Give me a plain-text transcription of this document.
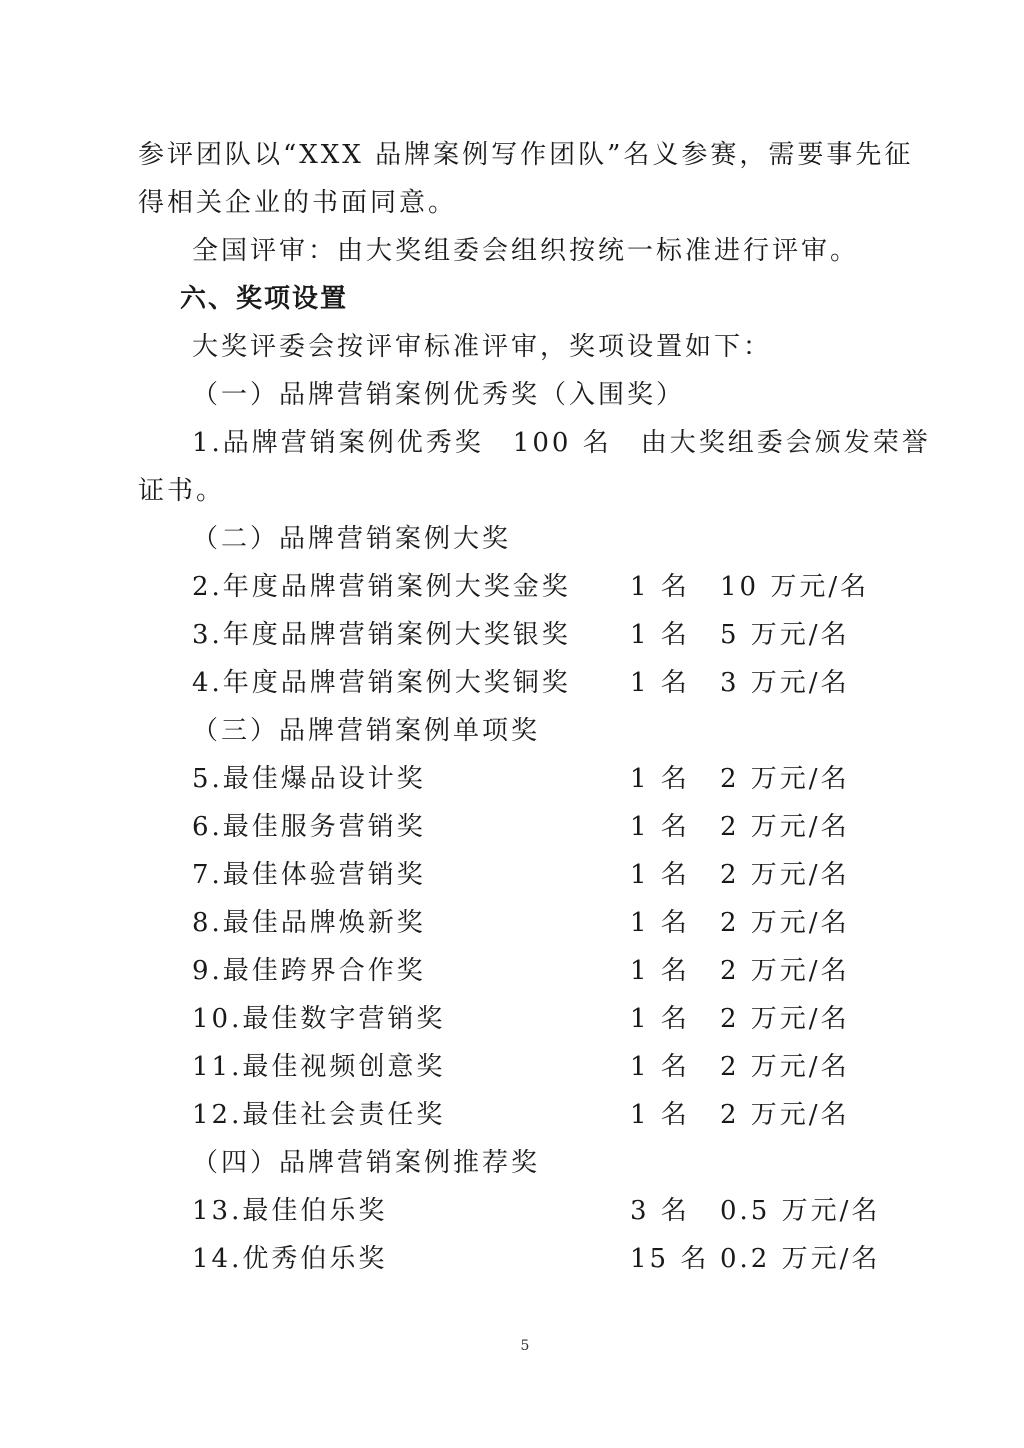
参评团队以“XXX 品牌案例写作团队”名义参赛，需要事先征
得相关企业的书面同意。
全国评审：由大奖组委会组织按统一标准进行评审。
六、奖项设置
大奖评委会按评审标准评审，奖项设置如下：
（一）品牌营销案例优秀奖（入围奖）
1.品牌营销案例优秀奖　100 名　由大奖组委会颁发荣誉
证书。
（二）品牌营销案例大奖
2.年度品牌营销案例大奖金奖 1 名 10 万元/名
3.年度品牌营销案例大奖银奖 1 名 5 万元/名
4.年度品牌营销案例大奖铜奖 1 名 3 万元/名
（三）品牌营销案例单项奖
5.最佳爆品设计奖	1 名 2 万元/名
6.最佳服务营销奖	1 名 2 万元/名
7.最佳体验营销奖	1 名 2 万元/名
8.最佳品牌焕新奖	1 名 2 万元/名
9.最佳跨界合作奖	1 名 2 万元/名
10.最佳数字营销奖	1 名 2 万元/名
11.最佳视频创意奖	1 名 2 万元/名
12.最佳社会责任奖	1 名 2 万元/名
（四）品牌营销案例推荐奖
13.最佳伯乐奖	3 名 0.5 万元/名
14.优秀伯乐奖	15 名 0.2 万元/名
5
